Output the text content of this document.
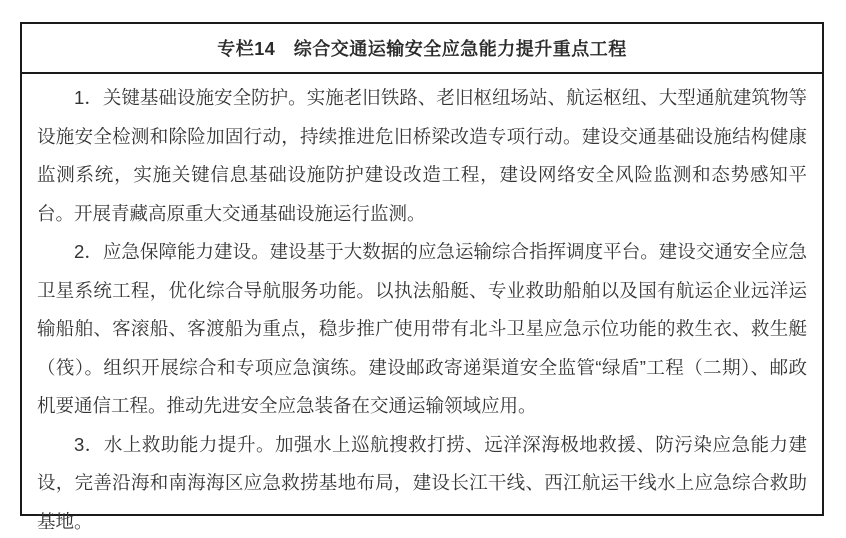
专栏14　综合交通运输安全应急能力提升重点工程

1．关键基础设施安全防护。实施老旧铁路、老旧枢纽场站、航运枢纽、大型通航建筑物等设施安全检测和除险加固行动，持续推进危旧桥梁改造专项行动。建设交通基础设施结构健康监测系统，实施关键信息基础设施防护建设改造工程，建设网络安全风险监测和态势感知平台。开展青藏高原重大交通基础设施运行监测。

2．应急保障能力建设。建设基于大数据的应急运输综合指挥调度平台。建设交通安全应急卫星系统工程，优化综合导航服务功能。以执法船艇、专业救助船舶以及国有航运企业远洋运输船舶、客滚船、客渡船为重点，稳步推广使用带有北斗卫星应急示位功能的救生衣、救生艇（筏）。组织开展综合和专项应急演练。建设邮政寄递渠道安全监管“绿盾”工程（二期）、邮政机要通信工程。推动先进安全应急装备在交通运输领域应用。

3．水上救助能力提升。加强水上巡航搜救打捞、远洋深海极地救援、防污染应急能力建设，完善沿海和南海海区应急救捞基地布局，建设长江干线、西江航运干线水上应急综合救助基地。
